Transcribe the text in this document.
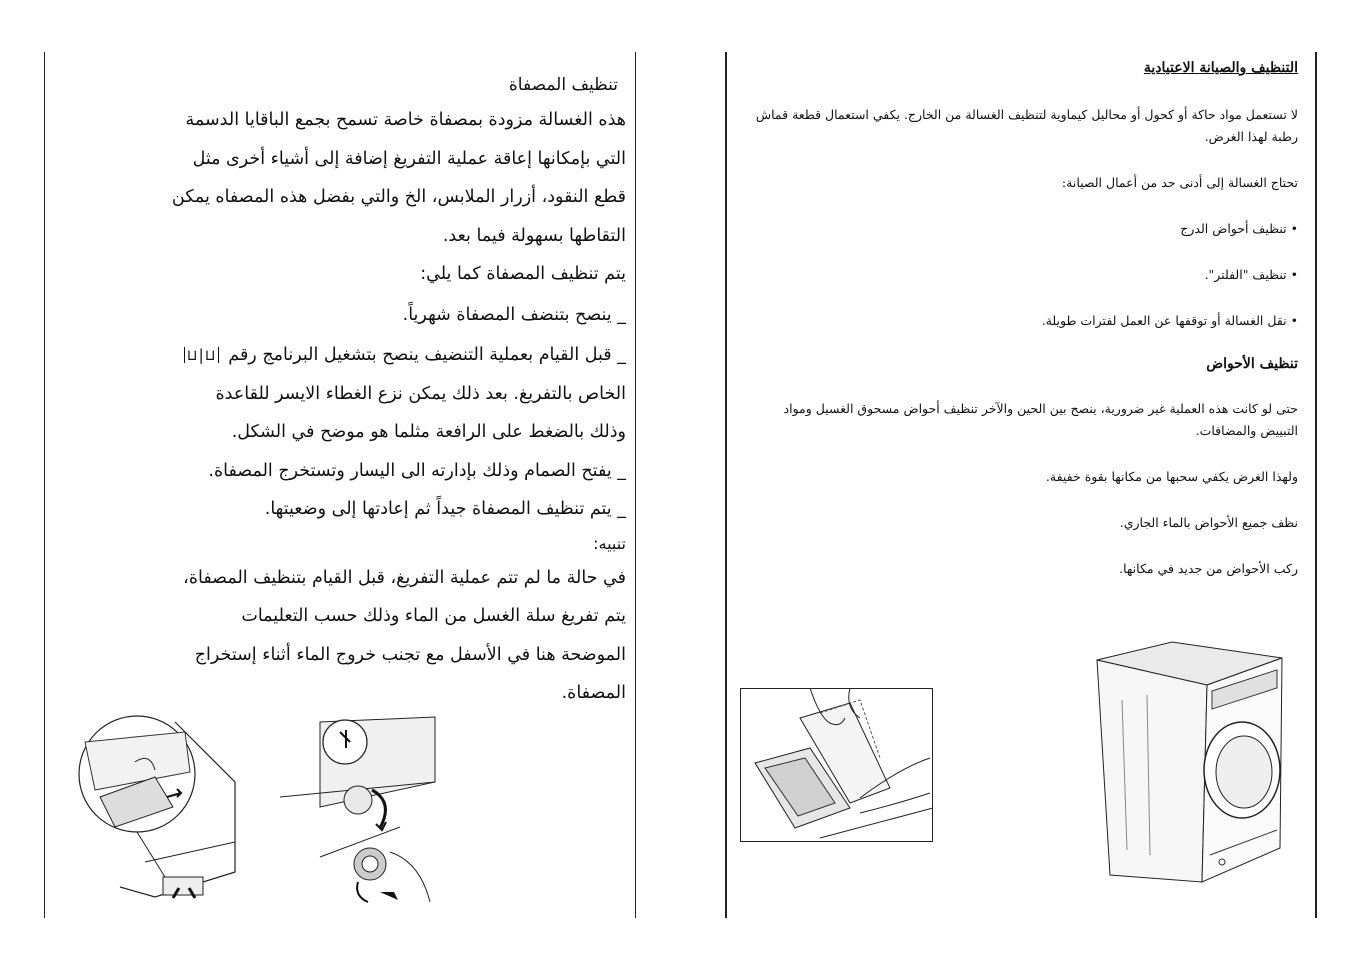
تنظيف المصفاة

هذه الغسالة مزودة بمصفاة خاصة تسمح بجمع الباقايا الدسمة

التي بإمكانها إعاقة عملية التفريغ إضافة إلى أشياء أخرى مثل

قطع النقود، أزرار الملابس، الخ والتي بفضل هذه المصفاه يمكن

التقاطها بسهولة فيما بعد.

يتم تنظيف المصفاة كما يلي:

_ ينصح بتنضف المصفاة شهرياً.

_ قبل القيام بعملية التنضيف ينصح بتشغيل البرنامج رقم ⊔|⊔

الخاص بالتفريغ. بعد ذلك يمكن نزع الغطاء الايسر للقاعدة

وذلك بالضغط على الرافعة مثلما هو موضح في الشكل.

_ يفتح الصمام وذلك بإدارته الى اليسار وتستخرج المصفاة.

_ يتم تنظيف المصفاة جيداً ثم إعادتها إلى وضعيتها.

تنبيه:

في حالة ما لم تتم عملية التفريغ، قبل القيام بتنظيف المصفاة،

يتم تفريغ سلة الغسل من الماء وذلك حسب التعليمات

الموضحة هنا في الأسفل مع تجنب خروج الماء أثناء إستخراج

المصفاة.

التنظيف والصيانة الاعتيادية

لا تستعمل مواد حاكة أو كحول أو محاليل كيماوية لتنظيف الغسالة من الخارج. يكفي استعمال قطعة قماش رطبة لهذا الغرض.

تحتاج الغسالة إلى أدنى حد من أعمال الصيانة:

• تنظيف أحواض الدرج

• تنظيف "الفلتر".

• نقل الغسالة أو توقفها عن العمل لفترات طويلة.

تنظيف الأحواض

حتى لو كانت هذه العملية غير ضرورية، ينصح بين الحين والآخر تنظيف أحواض مسحوق الغسيل ومواد التبييض والمضافات.

ولهذا الغرض يكفي سحبها من مكانها بقوة خفيفة.

نظف جميع الأحواض بالماء الجاري.

ركب الأحواض من جديد في مكانها.
